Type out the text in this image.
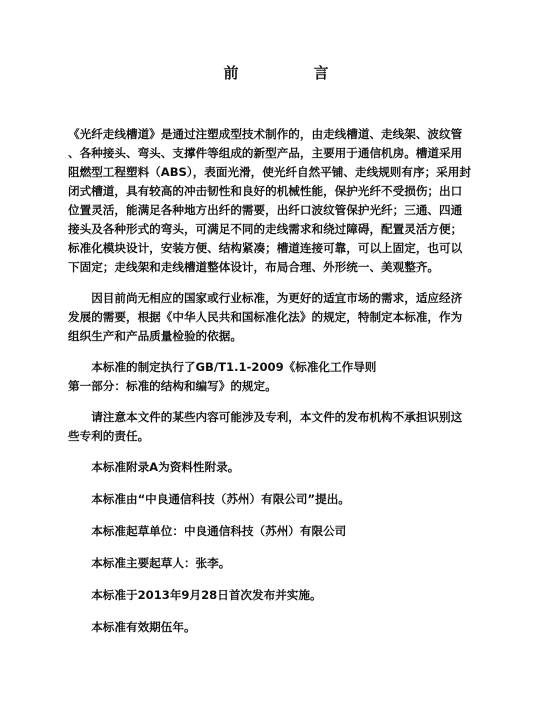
前　言

《光纤走线槽道》是通过注塑成型技术制作的，由走线槽道、走线架、波纹管
、各种接头、弯头、支撑件等组成的新型产品，主要用于通信机房。槽道采用
阻燃型工程塑料（ABS），表面光滑，使光纤自然平铺、走线规则有序；采用封
闭式槽道，具有较高的冲击韧性和良好的机械性能，保护光纤不受损伤；出口
位置灵活，能满足各种地方出纤的需要，出纤口波纹管保护光纤；三通、四通
接头及各种形式的弯头，可满足不同的走线需求和绕过障碍，配置灵活方便；
标准化模块设计，安装方便、结构紧凑；槽道连接可靠，可以上固定，也可以
下固定；走线架和走线槽道整体设计，布局合理、外形统一、美观整齐。

　　因目前尚无相应的国家或行业标准，为更好的适宜市场的需求，适应经济
发展的需要，根据《中华人民共和国标准化法》的规定，特制定本标准，作为
组织生产和产品质量检验的依据。

　　本标准的制定执行了GB/T1.1-2009《标准化工作导则
第一部分：标准的结构和编写》的规定。

　　请注意本文件的某些内容可能涉及专利，本文件的发布机构不承担识别这
些专利的责任。

　　本标准附录A为资料性附录。

　　本标准由“中良通信科技（苏州）有限公司”提出。

　　本标准起草单位：中良通信科技（苏州）有限公司

　　本标准主要起草人：张李。

　　本标准于2013年9月28日首次发布并实施。

　　本标准有效期伍年。
